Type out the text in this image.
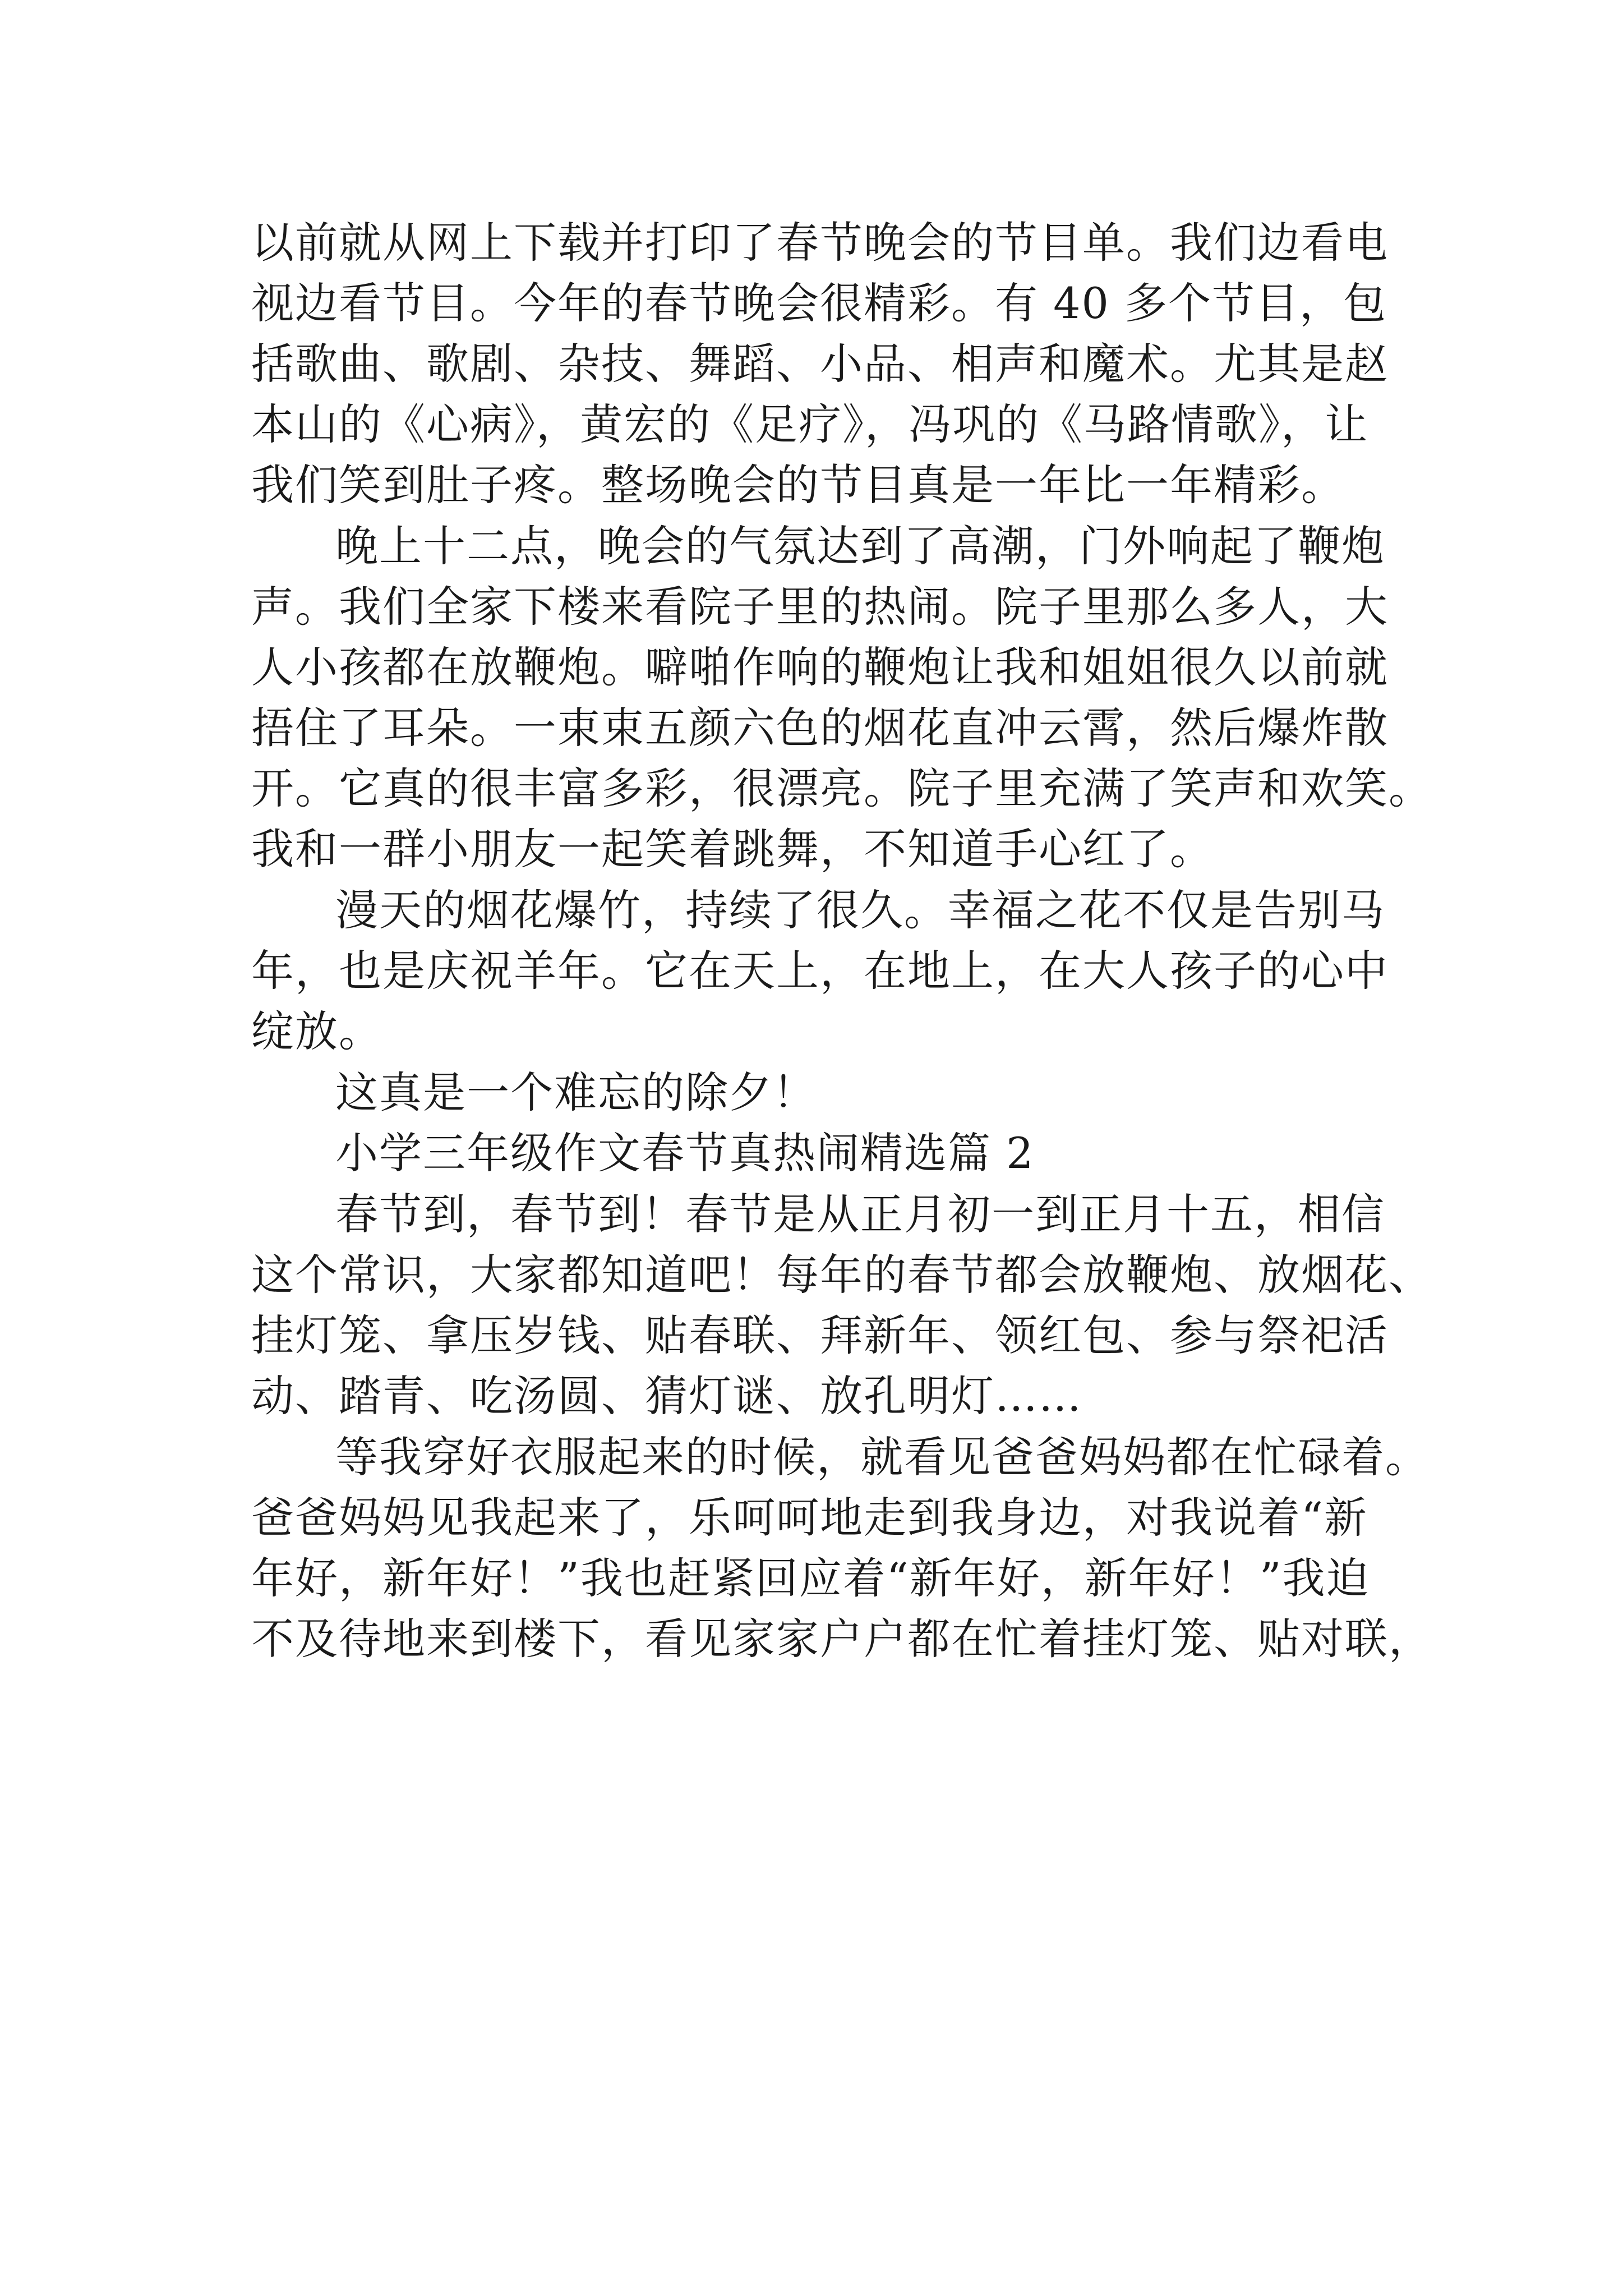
以前就从网上下载并打印了春节晚会的节目单。我们边看电
视边看节目。今年的春节晚会很精彩。有 40 多个节目，包
括歌曲、歌剧、杂技、舞蹈、小品、相声和魔术。尤其是赵
本山的《心病》，黄宏的《足疗》，冯巩的《马路情歌》，让
我们笑到肚子疼。整场晚会的节目真是一年比一年精彩。
晚上十二点，晚会的气氛达到了高潮，门外响起了鞭炮
声。我们全家下楼来看院子里的热闹。院子里那么多人，大
人小孩都在放鞭炮。噼啪作响的鞭炮让我和姐姐很久以前就
捂住了耳朵。一束束五颜六色的烟花直冲云霄，然后爆炸散
开。它真的很丰富多彩，很漂亮。院子里充满了笑声和欢笑。
我和一群小朋友一起笑着跳舞，不知道手心红了。
漫天的烟花爆竹，持续了很久。幸福之花不仅是告别马
年，也是庆祝羊年。它在天上，在地上，在大人孩子的心中
绽放。
这真是一个难忘的除夕！
小学三年级作文春节真热闹精选篇 2
春节到，春节到！春节是从正月初一到正月十五，相信
这个常识，大家都知道吧！每年的春节都会放鞭炮、放烟花、
挂灯笼、拿压岁钱、贴春联、拜新年、领红包、参与祭祀活
动、踏青、吃汤圆、猜灯谜、放孔明灯……
等我穿好衣服起来的时候，就看见爸爸妈妈都在忙碌着。
爸爸妈妈见我起来了，乐呵呵地走到我身边，对我说着“新
年好，新年好！”我也赶紧回应着“新年好，新年好！”我迫
不及待地来到楼下，看见家家户户都在忙着挂灯笼、贴对联，
